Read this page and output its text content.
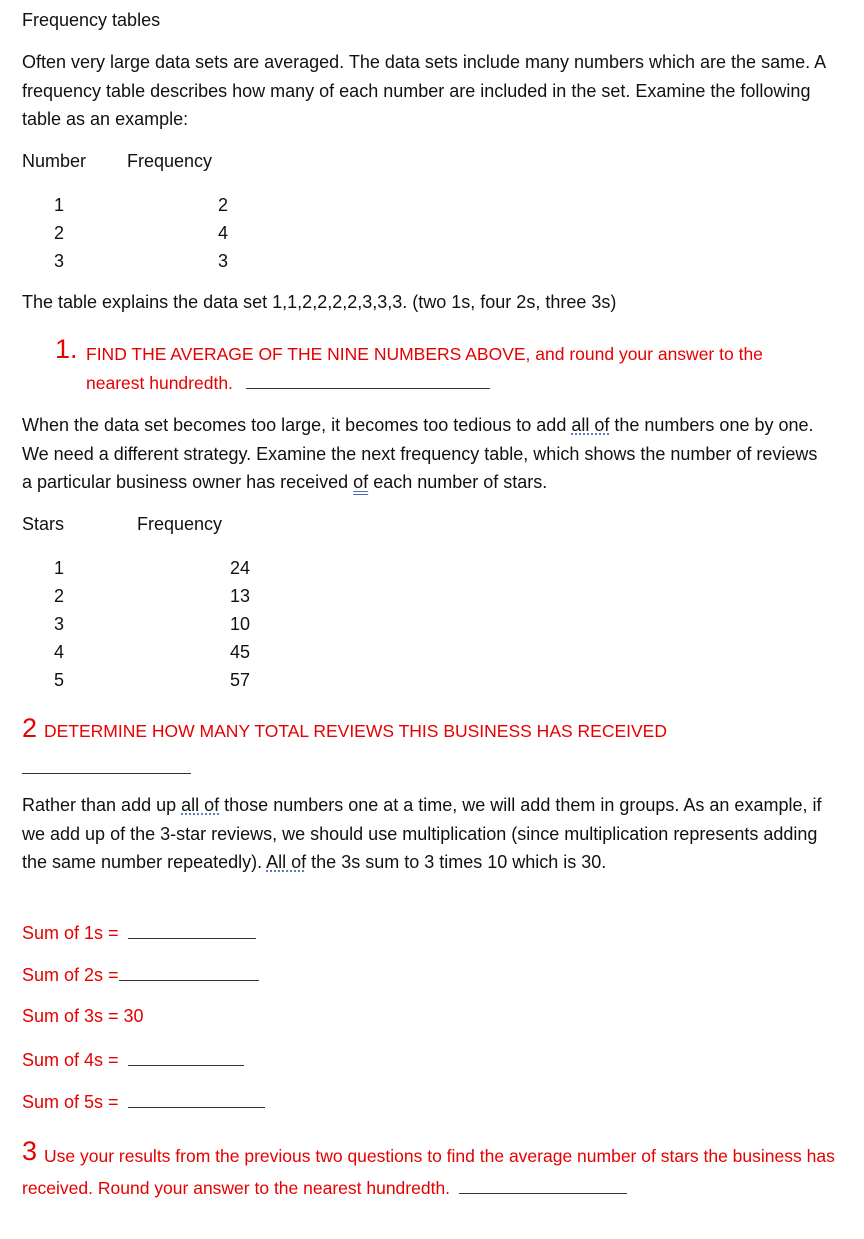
Frequency tables
Often very large data sets are averaged. The data sets include many numbers which are the same. A frequency table describes how many of each number are included in the set. Examine the following table as an example:
Number Frequency
1	2
2	4
3	3
The table explains the data set 1,1,2,2,2,2,3,3,3. (two 1s, four 2s, three 3s)
1. FIND THE AVERAGE OF THE NINE NUMBERS ABOVE, and round your answer to the nearest hundredth.
When the data set becomes too large, it becomes too tedious to add all of the numbers one by one. We need a different strategy. Examine the next frequency table, which shows the number of reviews a particular business owner has received of each number of stars.
Stars	Frequency
1	24
2	13
3	10
4	45
5	57
2 DETERMINE HOW MANY TOTAL REVIEWS THIS BUSINESS HAS RECEIVED
Rather than add up all of those numbers one at a time, we will add them in groups. As an example, if we add up of the 3-star reviews, we should use multiplication (since multiplication represents adding the same number repeatedly). All of the 3s sum to 3 times 10 which is 30.
Sum of 1s =
Sum of 2s =
Sum of 3s = 30
Sum of 4s =
Sum of 5s =
3 Use your results from the previous two questions to find the average number of stars the business has received. Round your answer to the nearest hundredth.
